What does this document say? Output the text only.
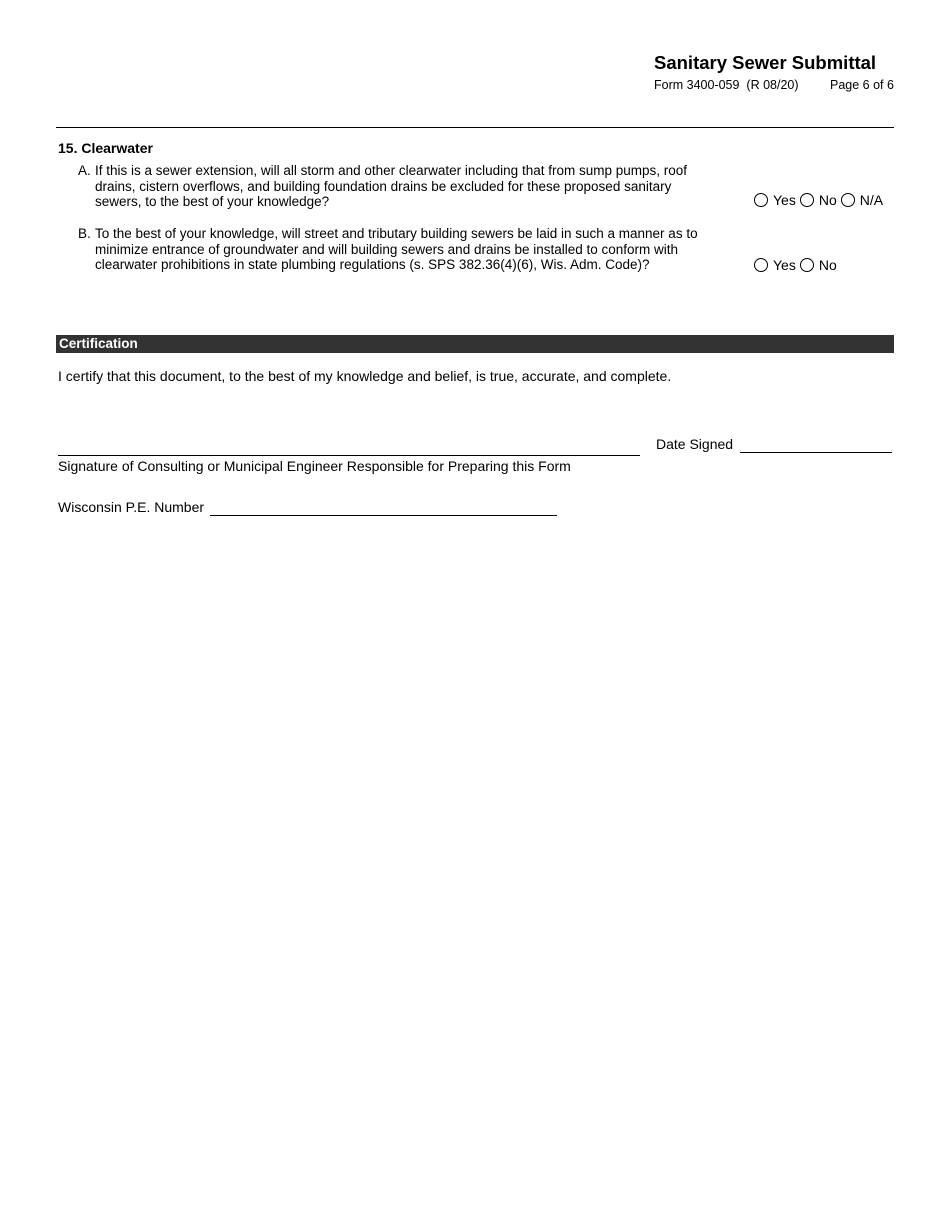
Sanitary Sewer Submittal
Form 3400-059  (R 08/20)	Page 6 of 6
15. Clearwater
A. If this is a sewer extension, will all storm and other clearwater including that from sump pumps, roof
drains, cistern overflows, and building foundation drains be excluded for these proposed sanitary
sewers, to the best of your knowledge?	Yes No N/A
B. To the best of your knowledge, will street and tributary building sewers be laid in such a manner as to
minimize entrance of groundwater and will building sewers and drains be installed to conform with
clearwater prohibitions in state plumbing regulations (s. SPS 382.36(4)(6), Wis. Adm. Code)?	Yes No
Certification
I certify that this document, to the best of my knowledge and belief, is true, accurate, and complete.
Signature of Consulting or Municipal Engineer Responsible for Preparing this Form
Date Signed
Wisconsin P.E. Number
